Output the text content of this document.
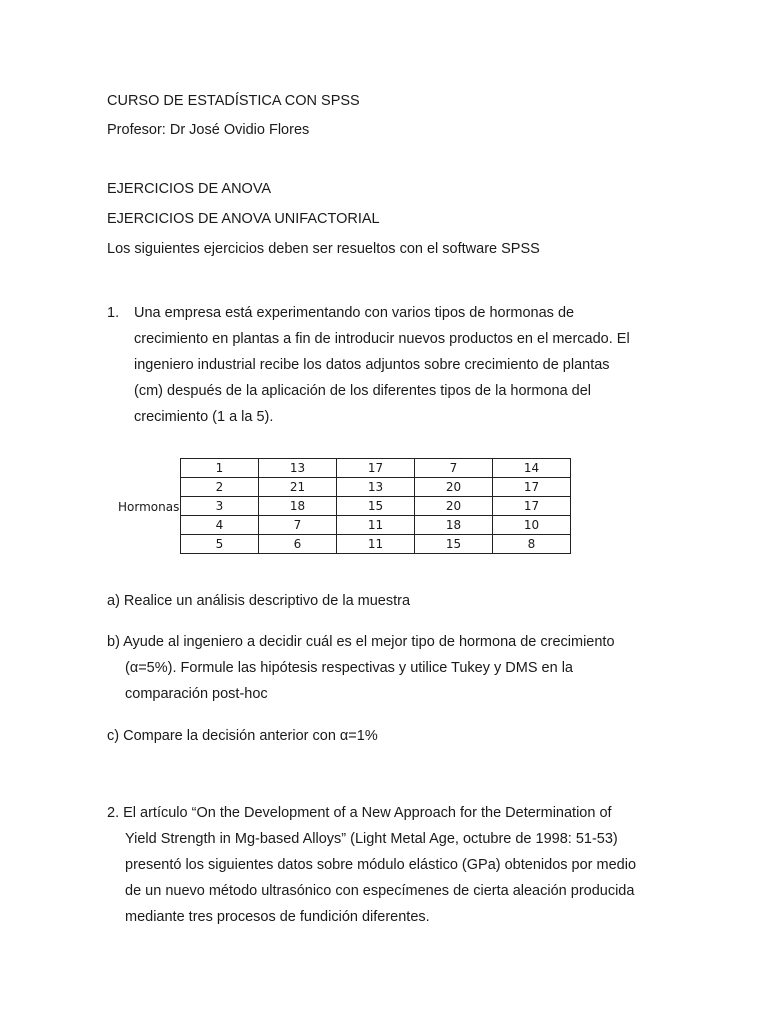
CURSO DE ESTADÍSTICA CON SPSS
Profesor: Dr José Ovidio Flores
EJERCICIOS DE ANOVA
EJERCICIOS DE ANOVA UNIFACTORIAL
Los siguientes ejercicios deben ser resueltos con el software SPSS
1. Una empresa está experimentando con varios tipos de hormonas de
crecimiento en plantas a fin de introducir nuevos productos en el mercado. El
ingeniero industrial recibe los datos adjuntos sobre crecimiento de plantas
(cm) después de la aplicación de los diferentes tipos de la hormona del
crecimiento (1 a la 5).
Hormonas
1	13	17	7	14
2	21	13	20	17
3	18	15	20	17
4	7	11	18	10
5	6	11	15	8
a) Realice un análisis descriptivo de la muestra
b) Ayude al ingeniero a decidir cuál es el mejor tipo de hormona de crecimiento
(α=5%). Formule las hipótesis respectivas y utilice Tukey y DMS en la
comparación post-hoc
c) Compare la decisión anterior con α=1%
2. El artículo “On the Development of a New Approach for the Determination of
Yield Strength in Mg-based Alloys” (Light Metal Age, octubre de 1998: 51-53)
presentó los siguientes datos sobre módulo elástico (GPa) obtenidos por medio
de un nuevo método ultrasónico con especímenes de cierta aleación producida
mediante tres procesos de fundición diferentes.
